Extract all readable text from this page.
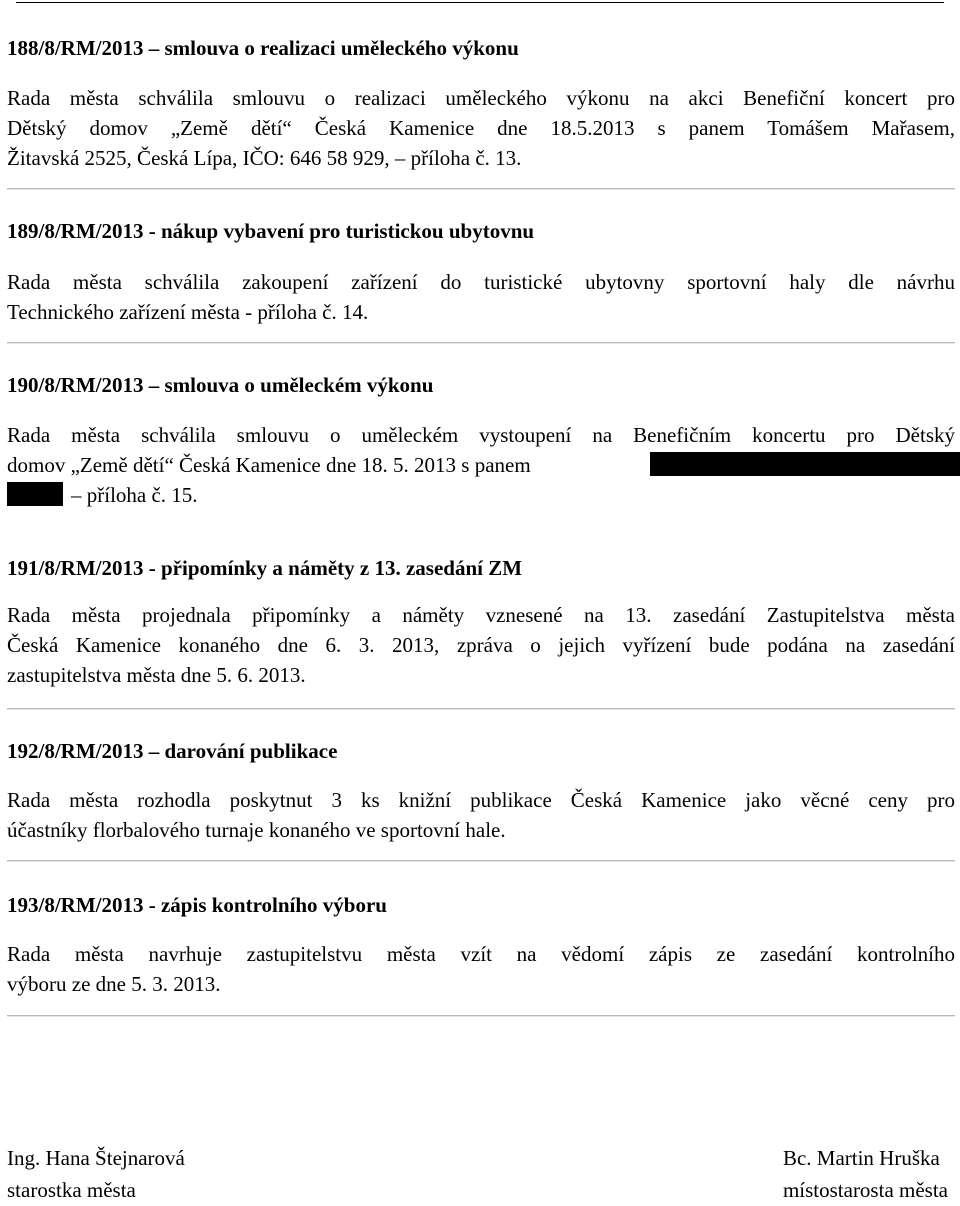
188/8/RM/2013 – smlouva o realizaci uměleckého výkonu
Rada města schválila smlouvu o realizaci uměleckého výkonu na akci Benefiční koncert pro
Dětský domov „Země dětí“ Česká Kamenice dne 18.5.2013 s panem Tomášem Mařasem,
Žitavská 2525, Česká Lípa, IČO: 646 58 929, – příloha č. 13.
189/8/RM/2013 - nákup vybavení pro turistickou ubytovnu
Rada města schválila zakoupení zařízení do turistické ubytovny sportovní haly dle návrhu
Technického zařízení města - příloha č. 14.
190/8/RM/2013 – smlouva o uměleckém výkonu
Rada města schválila smlouvu o uměleckém vystoupení na Benefičním koncertu pro Dětský
domov „Země dětí“ Česká Kamenice dne 18. 5. 2013 s panem
– příloha č. 15.
191/8/RM/2013 - připomínky a náměty z 13. zasedání ZM
Rada města projednala připomínky a náměty vznesené na 13. zasedání Zastupitelstva města
Česká Kamenice konaného dne 6. 3. 2013, zpráva o jejich vyřízení bude podána na zasedání
zastupitelstva města dne 5. 6. 2013.
192/8/RM/2013 – darování publikace
Rada města rozhodla poskytnut 3 ks knižní publikace Česká Kamenice jako věcné ceny pro
účastníky florbalového turnaje konaného ve sportovní hale.
193/8/RM/2013 - zápis kontrolního výboru
Rada města navrhuje zastupitelstvu města vzít na vědomí zápis ze zasedání kontrolního
výboru ze dne 5. 3. 2013.
Ing. Hana Štejnarová
starostka města
Bc. Martin Hruška
místostarosta města
